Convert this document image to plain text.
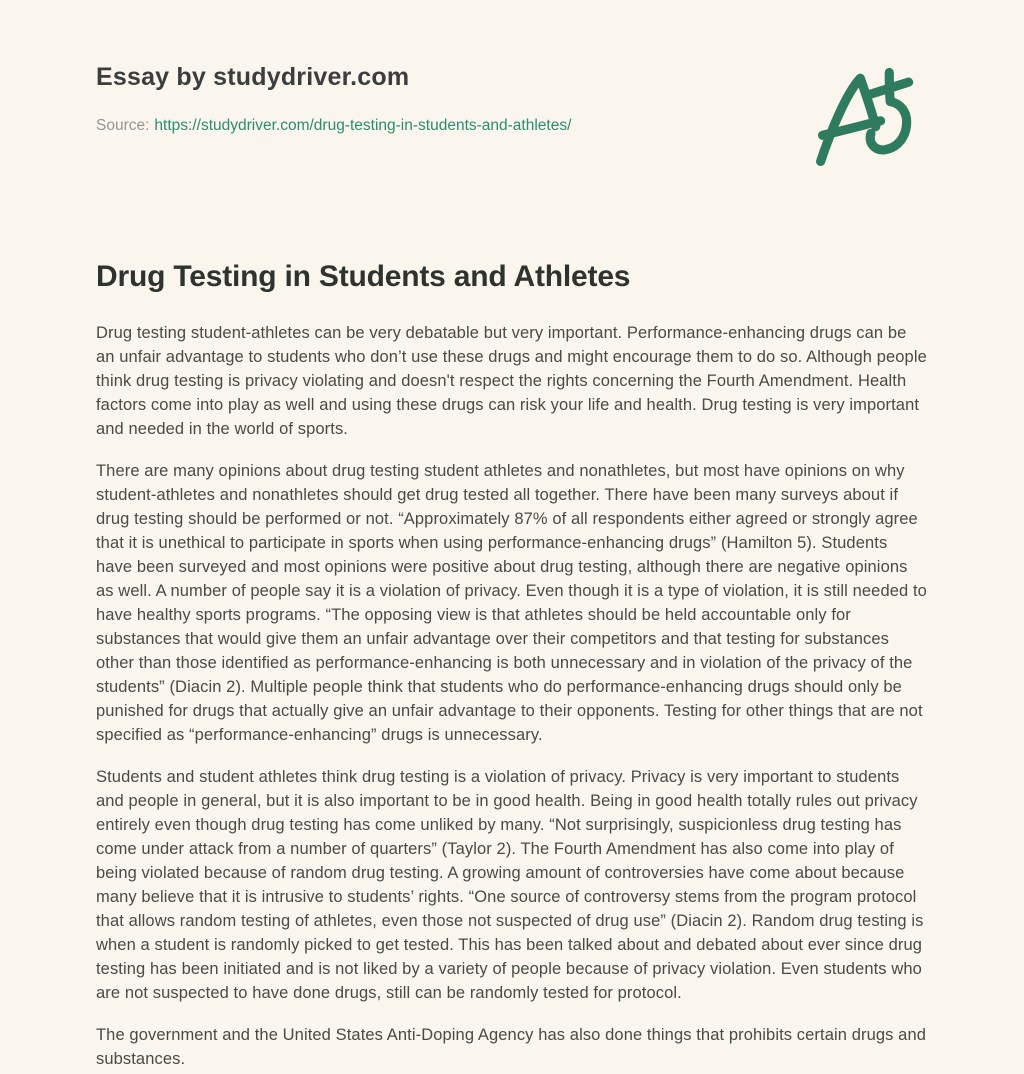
Essay by studydriver.com
Source: https://studydriver.com/drug-testing-in-students-and-athletes/
Drug Testing in Students and Athletes

Drug testing student-athletes can be very debatable but very important. Performance-enhancing drugs can be an unfair advantage to students who don’t use these drugs and might encourage them to do so. Although people think drug testing is privacy violating and doesn't respect the rights concerning the Fourth Amendment. Health factors come into play as well and using these drugs can risk your life and health. Drug testing is very important and needed in the world of sports.

There are many opinions about drug testing student athletes and nonathletes, but most have opinions on why student-athletes and nonathletes should get drug tested all together. There have been many surveys about if drug testing should be performed or not. “Approximately 87% of all respondents either agreed or strongly agree that it is unethical to participate in sports when using performance-enhancing drugs” (Hamilton 5). Students have been surveyed and most opinions were positive about drug testing, although there are negative opinions as well. A number of people say it is a violation of privacy. Even though it is a type of violation, it is still needed to have healthy sports programs. “The opposing view is that athletes should be held accountable only for substances that would give them an unfair advantage over their competitors and that testing for substances other than those identified as performance-enhancing is both unnecessary and in violation of the privacy of the students” (Diacin 2). Multiple people think that students who do performance-enhancing drugs should only be punished for drugs that actually give an unfair advantage to their opponents. Testing for other things that are not specified as “performance-enhancing” drugs is unnecessary.

Students and student athletes think drug testing is a violation of privacy. Privacy is very important to students and people in general, but it is also important to be in good health. Being in good health totally rules out privacy entirely even though drug testing has come unliked by many. “Not surprisingly, suspicionless drug testing has come under attack from a number of quarters” (Taylor 2). The Fourth Amendment has also come into play of being violated because of random drug testing. A growing amount of controversies have come about because many believe that it is intrusive to students’ rights. “One source of controversy stems from the program protocol that allows random testing of athletes, even those not suspected of drug use” (Diacin 2). Random drug testing is when a student is randomly picked to get tested. This has been talked about and debated about ever since drug testing has been initiated and is not liked by a variety of people because of privacy violation. Even students who are not suspected to have done drugs, still can be randomly tested for protocol.

The government and the United States Anti-Doping Agency has also done things that prohibits certain drugs and substances.
